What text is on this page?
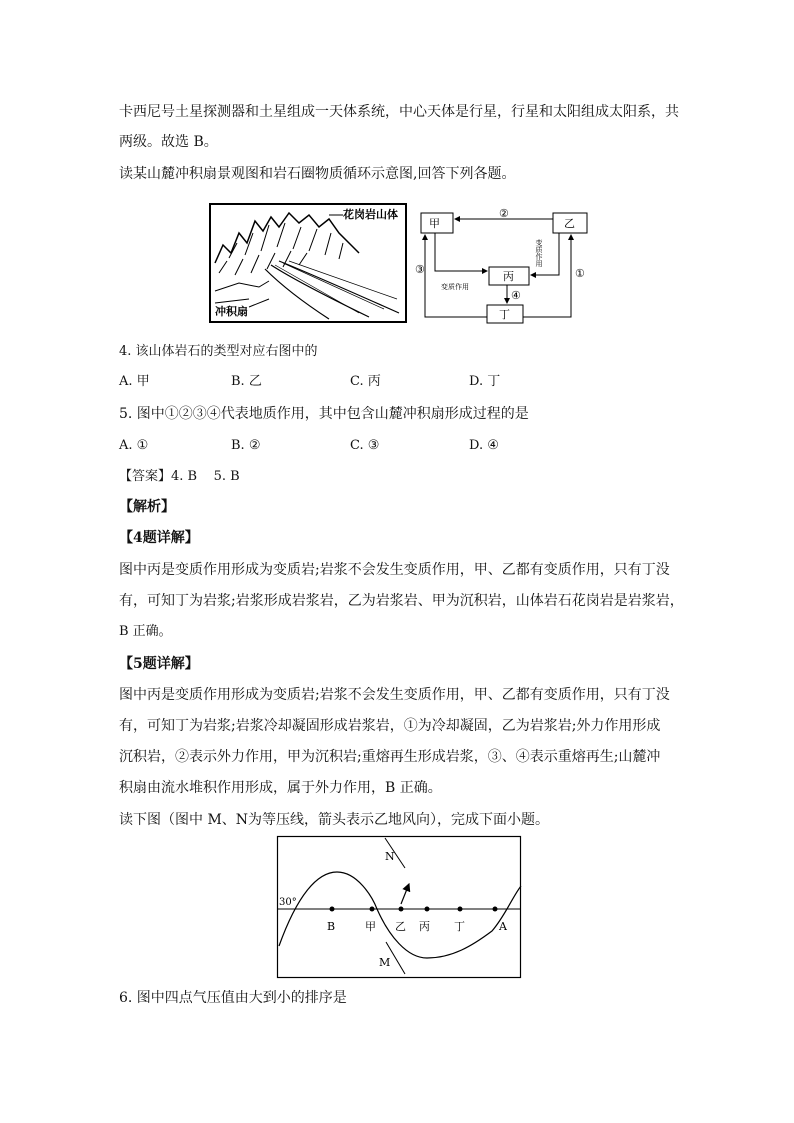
卡西尼号土星探测器和土星组成一天体系统，中心天体是行星，行星和太阳组成太阳系，共
两级。故选 B。
读某山麓冲积扇景观图和岩石圈物质循环示意图,回答下列各题。
花岗岩山体
冲积扇
甲	乙
丙
丁
②
③	①
④
变质作用
变质作用
4. 该山体岩石的类型对应右图中的
A. 甲	B. 乙	C. 丙	D. 丁
5. 图中①②③④代表地质作用，其中包含山麓冲积扇形成过程的是
A. ①	B. ②	C. ③	D. ④
【答案】4. B    5. B
【解析】
【4题详解】
图中丙是变质作用形成为变质岩;岩浆不会发生变质作用，甲、乙都有变质作用，只有丁没
有，可知丁为岩浆;岩浆形成岩浆岩，乙为岩浆岩、甲为沉积岩，山体岩石花岗岩是岩浆岩，
B 正确。
【5题详解】
图中丙是变质作用形成为变质岩;岩浆不会发生变质作用，甲、乙都有变质作用，只有丁没
有，可知丁为岩浆;岩浆冷却凝固形成岩浆岩，①为冷却凝固，乙为岩浆岩;外力作用形成
沉积岩，②表示外力作用，甲为沉积岩;重熔再生形成岩浆，③、④表示重熔再生;山麓冲
积扇由流水堆积作用形成，属于外力作用，B 正确。
读下图（图中 M、N为等压线，箭头表示乙地风向），完成下面小题。
30°
N
M
B	甲 乙 丙 丁	A
6. 图中四点气压值由大到小的排序是
